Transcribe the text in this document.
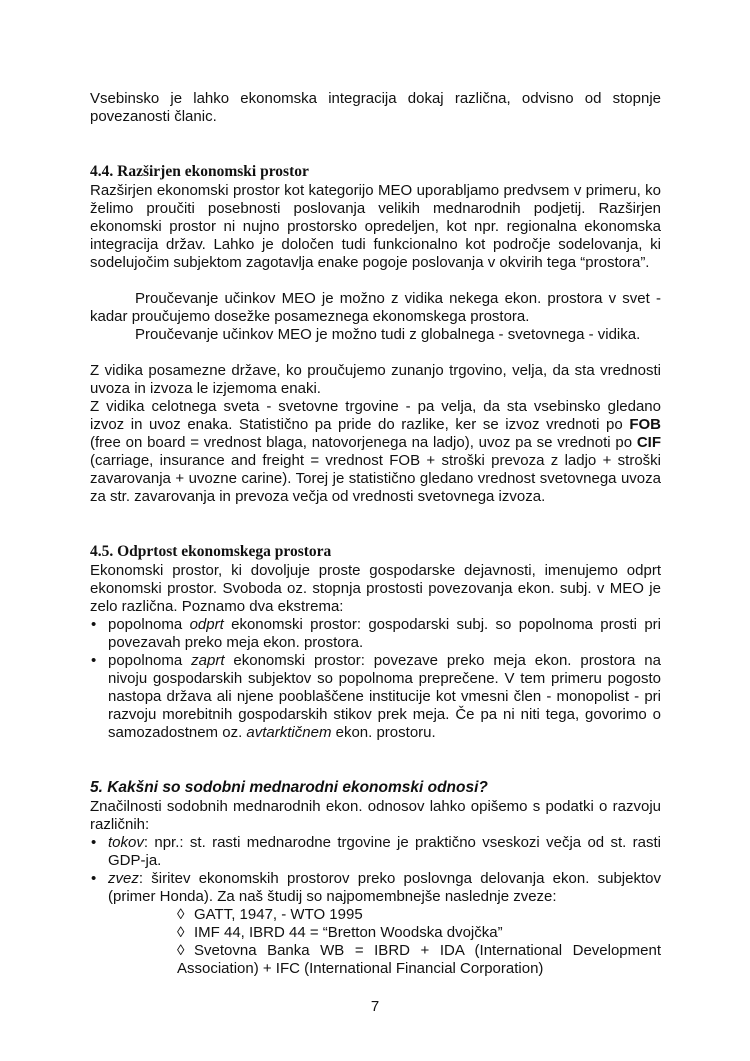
Vsebinsko je lahko ekonomska integracija dokaj različna, odvisno od stopnje povezanosti članic.

4.4. Razširjen ekonomski prostor

Razširjen ekonomski prostor kot kategorijo MEO uporabljamo predvsem v primeru, ko želimo proučiti posebnosti poslovanja velikih mednarodnih podjetij. Razširjen ekonomski prostor ni nujno prostorsko opredeljen, kot npr. regionalna ekonomska integracija držav. Lahko je določen tudi funkcionalno kot področje sodelovanja, ki sodelujočim subjektom zagotavlja enake pogoje poslovanja v okvirih tega “prostora”.

Proučevanje učinkov MEO je možno z vidika nekega ekon. prostora v svet - kadar proučujemo dosežke posameznega ekonomskega prostora.

Proučevanje učinkov MEO je možno tudi z globalnega - svetovnega - vidika.

Z vidika posamezne države, ko proučujemo zunanjo trgovino, velja, da sta vrednosti uvoza in izvoza le izjemoma enaki.

Z vidika celotnega sveta - svetovne trgovine - pa velja, da sta vsebinsko gledano izvoz in uvoz enaka. Statistično pa pride do razlike, ker se izvoz vrednoti po FOB (free on board = vrednost blaga, natovorjenega na ladjo), uvoz pa se vrednoti po CIF (carriage, insurance and freight = vrednost FOB + stroški prevoza z ladjo + stroški zavarovanja + uvozne carine). Torej je statistično gledano vrednost svetovnega uvoza za str. zavarovanja in prevoza večja od vrednosti svetovnega izvoza.

4.5. Odprtost ekonomskega prostora

Ekonomski prostor, ki dovoljuje proste gospodarske dejavnosti, imenujemo odprt ekonomski prostor. Svoboda oz. stopnja prostosti povezovanja ekon. subj. v MEO je zelo različna. Poznamo dva ekstrema:

• popolnoma odprt ekonomski prostor: gospodarski subj. so popolnoma prosti pri povezavah preko meja ekon. prostora.
• popolnoma zaprt ekonomski prostor: povezave preko meja ekon. prostora na nivoju gospodarskih subjektov so popolnoma preprečene. V tem primeru pogosto nastopa država ali njene pooblaščene institucije kot vmesni člen - monopolist - pri razvoju morebitnih gospodarskih stikov prek meja. Če pa ni niti tega, govorimo o samozadostnem oz. avtarktičnem ekon. prostoru.
5. Kakšni so sodobni mednarodni ekonomski odnosi?

Značilnosti sodobnih mednarodnih ekon. odnosov lahko opišemo s podatki o razvoju različnih:

• tokov: npr.: st. rasti mednarodne trgovine je praktično vseskozi večja od st. rasti GDP-ja.
• zvez: širitev ekonomskih prostorov preko poslovnga delovanja ekon. subjektov (primer Honda). Za naš študij so najpomembnejše naslednje zveze:
◊ GATT, 1947, - WTO 1995
◊ IMF 44, IBRD 44 = “Bretton Woodska dvojčka”
◊ Svetovna Banka WB = IBRD + IDA (International Development Association) + IFC (International Financial Corporation)
7
